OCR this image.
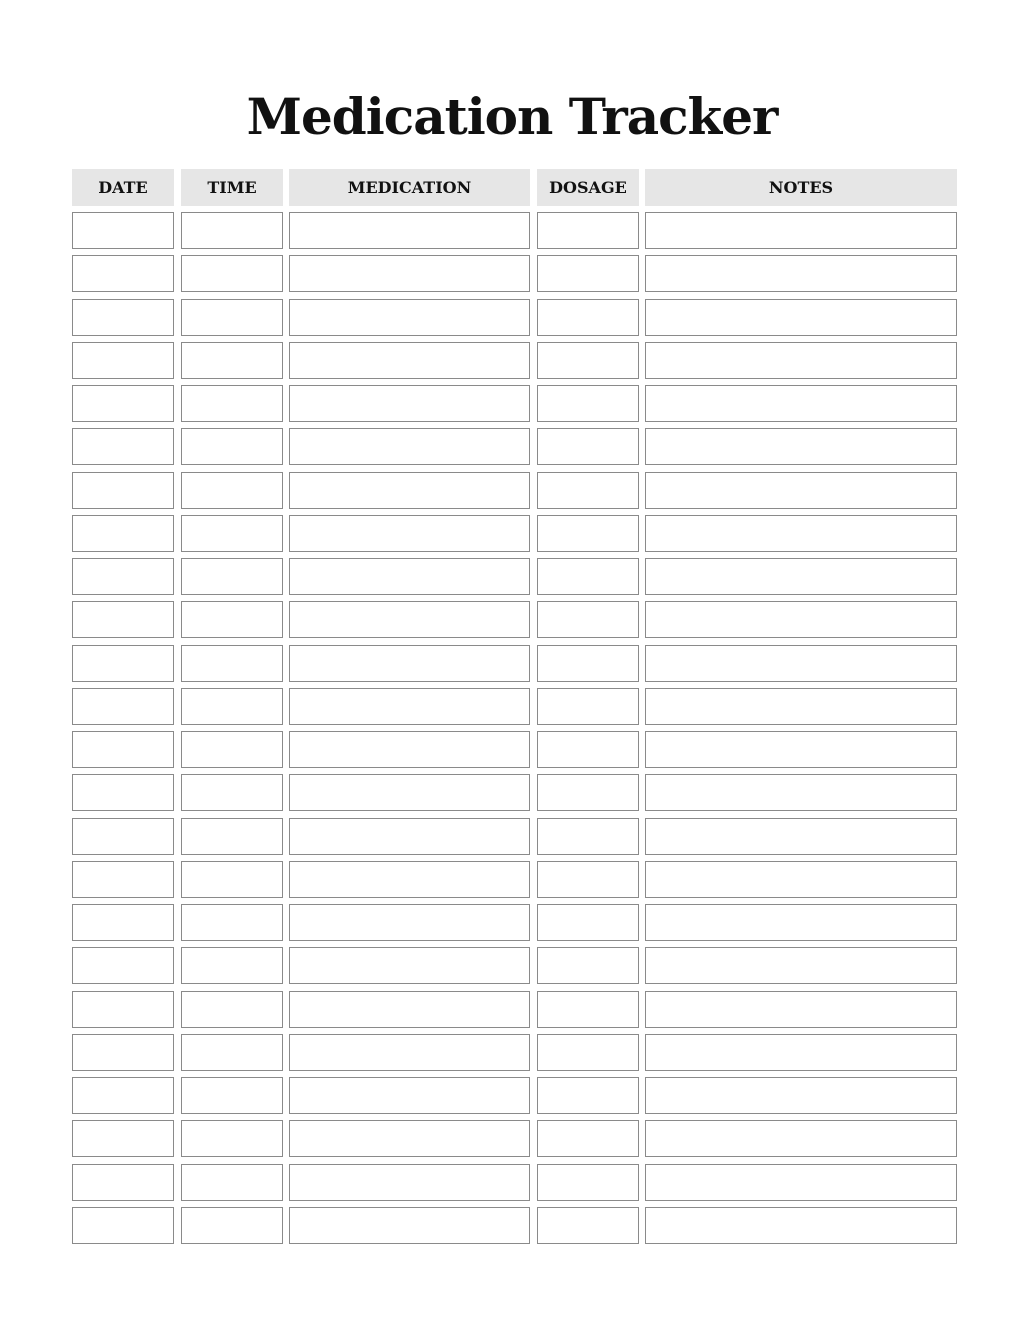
Medication Tracker
DATE	TIME	MEDICATION	DOSAGE	NOTES
